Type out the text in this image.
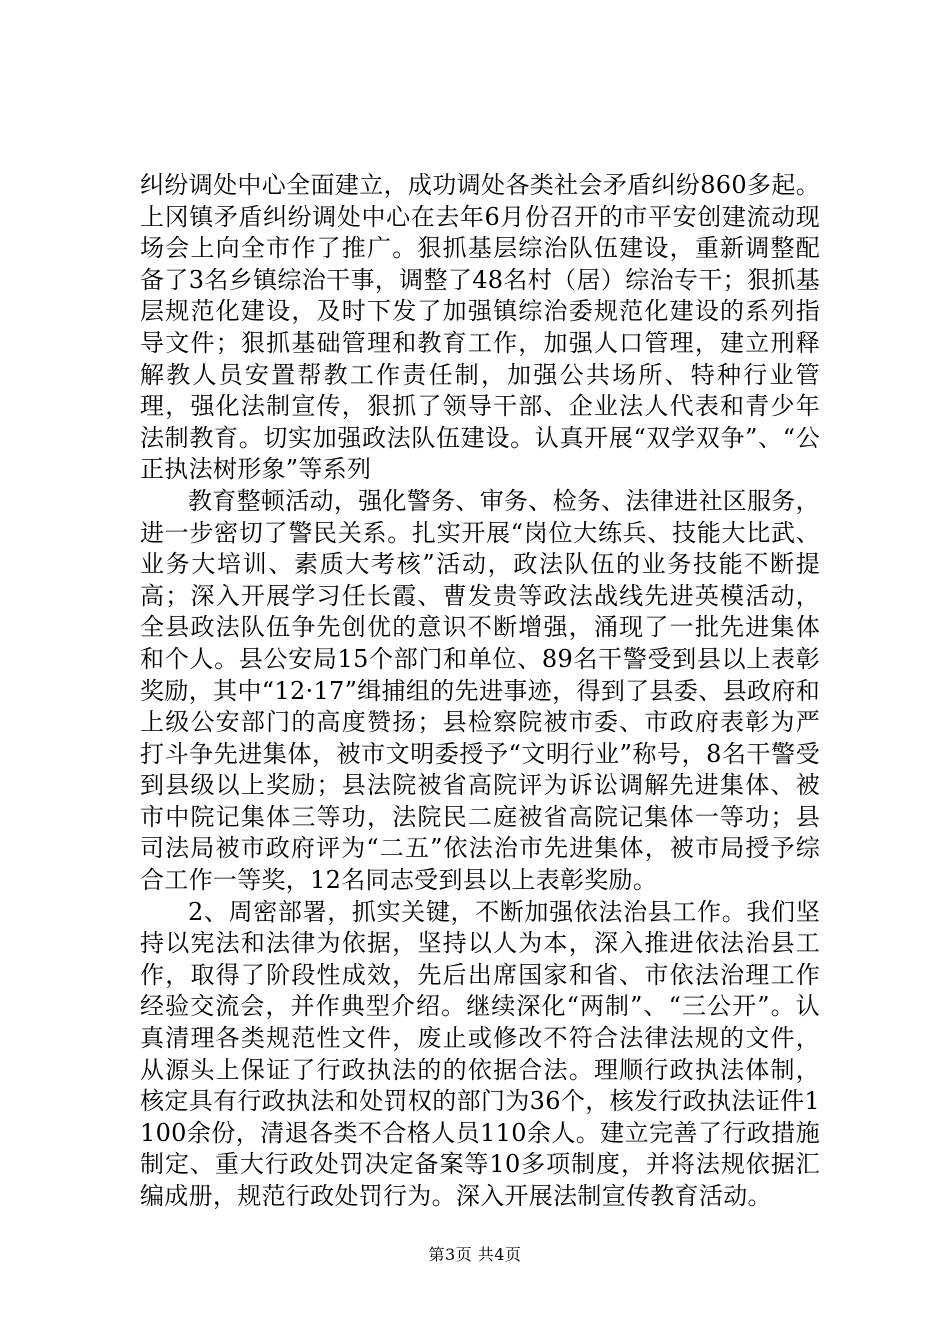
纠纷调处中心全面建立，成功调处各类社会矛盾纠纷860多起。上冈镇矛盾纠纷调处中心在去年6月份召开的市平安创建流动现场会上向全市作了推广。狠抓基层综治队伍建设，重新调整配备了3名乡镇综治干事，调整了48名村（居）综治专干；狠抓基层规范化建设，及时下发了加强镇综治委规范化建设的系列指导文件；狠抓基础管理和教育工作，加强人口管理，建立刑释解教人员安置帮教工作责任制，加强公共场所、特种行业管理，强化法制宣传，狠抓了领导干部、企业法人代表和青少年法制教育。切实加强政法队伍建设。认真开展“双学双争”、“公正执法树形象”等系列

教育整顿活动，强化警务、审务、检务、法律进社区服务，进一步密切了警民关系。扎实开展“岗位大练兵、技能大比武、业务大培训、素质大考核”活动，政法队伍的业务技能不断提高；深入开展学习任长霞、曹发贵等政法战线先进英模活动，全县政法队伍争先创优的意识不断增强，涌现了一批先进集体和个人。县公安局15个部门和单位、89名干警受到县以上表彰奖励，其中“12·17”缉捕组的先进事迹，得到了县委、县政府和上级公安部门的高度赞扬；县检察院被市委、市政府表彰为严打斗争先进集体，被市文明委授予“文明行业”称号，8名干警受到县级以上奖励；县法院被省高院评为诉讼调解先进集体、被市中院记集体三等功，法院民二庭被省高院记集体一等功；县司法局被市政府评为“二五”依法治市先进集体，被市局授予综合工作一等奖，12名同志受到县以上表彰奖励。

2、周密部署，抓实关键，不断加强依法治县工作。我们坚持以宪法和法律为依据，坚持以人为本，深入推进依法治县工作，取得了阶段性成效，先后出席国家和省、市依法治理工作经验交流会，并作典型介绍。继续深化“两制”、“三公开”。认真清理各类规范性文件，废止或修改不符合法律法规的文件，从源头上保证了行政执法的的依据合法。理顺行政执法体制，核定具有行政执法和处罚权的部门为36个，核发行政执法证件1100余份，清退各类不合格人员110余人。建立完善了行政措施制定、重大行政处罚决定备案等10多项制度，并将法规依据汇编成册，规范行政处罚行为。深入开展法制宣传教育活动。

第3页 共4页
